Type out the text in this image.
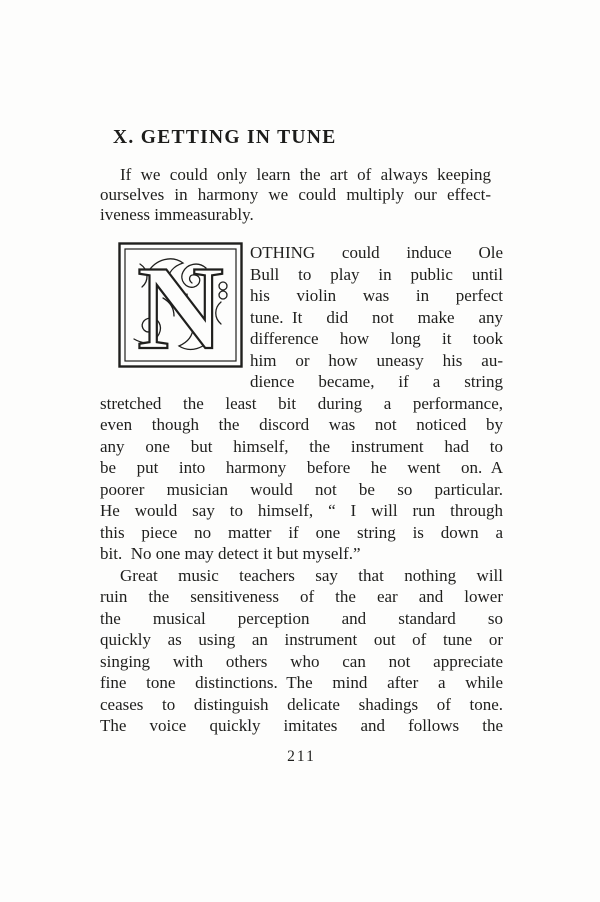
X. GETTING IN TUNE
If we could only learn the art of always keeping
ourselves in harmony we could multiply our effect-
iveness immeasurably.
N	OTHING could induce Ole
Bull to play in public until
his violin was in perfect
tune. It did not make any
difference how long it took
him or how uneasy his au-
dience became, if a string
stretched the least bit during a performance,
even though the discord was not noticed by
any one but himself, the instrument had to
be put into harmony before he went on. A
poorer musician would not be so particular.
He would say to himself, “ I will run through
this piece no matter if one string is down a
bit. No one may detect it but myself.”
Great music teachers say that nothing will
ruin the sensitiveness of the ear and lower
the musical perception and standard so
quickly as using an instrument out of tune or
singing with others who can not appreciate
fine tone distinctions. The mind after a while
ceases to distinguish delicate shadings of tone.
The voice quickly imitates and follows the
211
